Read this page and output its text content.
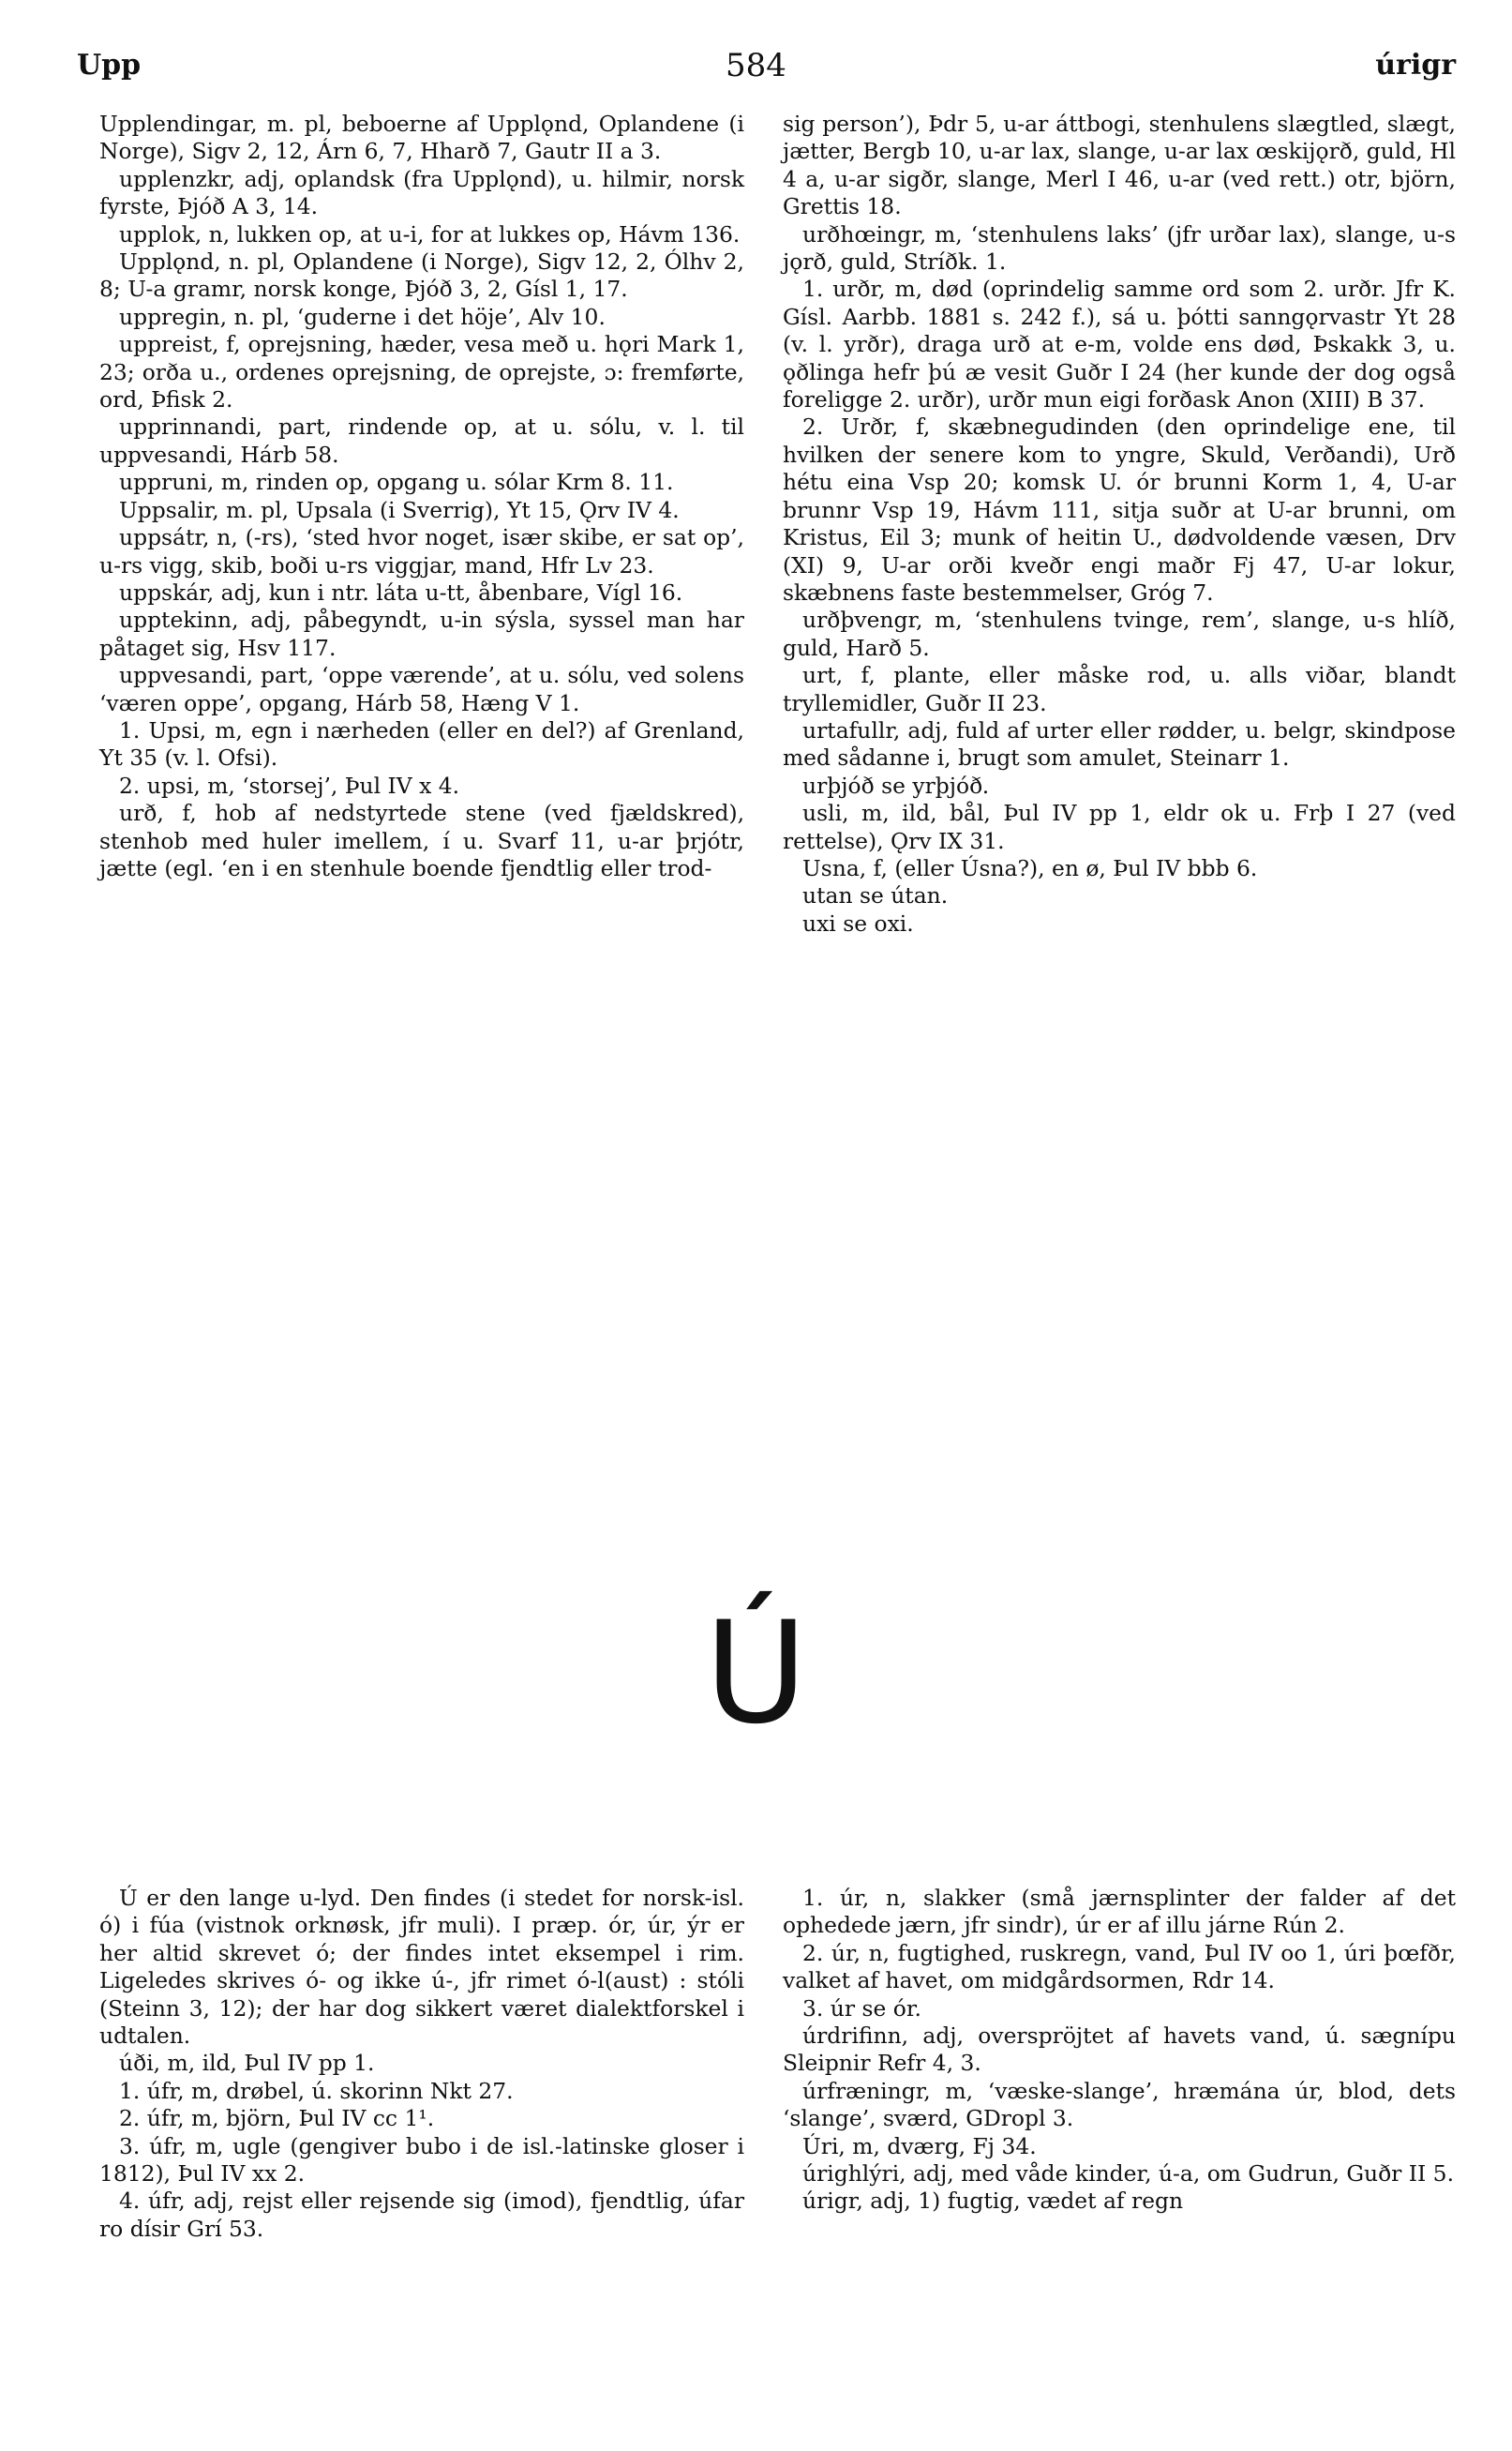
Upp	584	úrigr

Upplendingar, m. pl, beboerne af Upplǫnd, Oplandene (i Norge), Sigv 2, 12, Árn 6, 7, Hharð 7, Gautr II a 3.

upplenzkr, adj, oplandsk (fra Upplǫnd), u. hilmir, norsk fyrste, Þjóð A 3, 14.

upplok, n, lukken op, at u-i, for at lukkes op, Hávm 136.

Upplǫnd, n. pl, Oplandene (i Norge), Sigv 12, 2, Ólhv 2, 8; U-a gramr, norsk konge, Þjóð 3, 2, Gísl 1, 17.

uppregin, n. pl, ‘guderne i det höje’, Alv 10.

uppreist, f, oprejsning, hæder, vesa með u. hǫri Mark 1, 23; orða u., ordenes oprejsning, de oprejste, ɔ: fremførte, ord, Þfisk 2.

upprinnandi, part, rindende op, at u. sólu, v. l. til uppvesandi, Hárb 58.

uppruni, m, rinden op, opgang u. sólar Krm 8. 11.

Uppsalir, m. pl, Upsala (i Sverrig), Yt 15, Ǫrv IV 4.

uppsátr, n, (-rs), ‘sted hvor noget, især skibe, er sat op’, u-rs vigg, skib, boði u-rs viggjar, mand, Hfr Lv 23.

uppskár, adj, kun i ntr. láta u-tt, åbenbare, Vígl 16.

upptekinn, adj, påbegyndt, u-in sýsla, syssel man har påtaget sig, Hsv 117.

uppvesandi, part, ‘oppe værende’, at u. sólu, ved solens ‘væren oppe’, opgang, Hárb 58, Hæng V 1.

1. Upsi, m, egn i nærheden (eller en del?) af Grenland, Yt 35 (v. l. Ofsi).

2. upsi, m, ‘storsej’, Þul IV x 4.

urð, f, hob af nedstyrtede stene (ved fjældskred), stenhob med huler imellem, í u. Svarf 11, u-ar þrjótr, jætte (egl. ‘en i en stenhule boende fjendtlig eller trod-

sig person’), Þdr 5, u-ar áttbogi, stenhulens slægtled, slægt, jætter, Bergb 10, u-ar lax, slange, u-ar lax œskijǫrð, guld, Hl 4 a, u-ar sigðr, slange, Merl I 46, u-ar (ved rett.) otr, björn, Grettis 18.

urðhœingr, m, ‘stenhulens laks’ (jfr urðar lax), slange, u-s jǫrð, guld, Stríðk. 1.

1. urðr, m, død (oprindelig samme ord som 2. urðr. Jfr K. Gísl. Aarbb. 1881 s. 242 f.), sá u. þótti sanngǫrvastr Yt 28 (v. l. yrðr), draga urð at e-m, volde ens død, Þskakk 3, u. ǫðlinga hefr þú æ vesit Guðr I 24 (her kunde der dog også foreligge 2. urðr), urðr mun eigi forðask Anon (XIII) B 37.

2. Urðr, f, skæbnegudinden (den oprindelige ene, til hvilken der senere kom to yngre, Skuld, Verðandi), Urð hétu eina Vsp 20; komsk U. ór brunni Korm 1, 4, U-ar brunnr Vsp 19, Hávm 111, sitja suðr at U-ar brunni, om Kristus, Eil 3; munk of heitin U., dødvoldende væsen, Drv (XI) 9, U-ar orði kveðr engi maðr Fj 47, U-ar lokur, skæbnens faste bestemmelser, Gróg 7.

urðþvengr, m, ‘stenhulens tvinge, rem’, slange, u-s hlíð, guld, Harð 5.

urt, f, plante, eller måske rod, u. alls viðar, blandt tryllemidler, Guðr II 23.

urtafullr, adj, fuld af urter eller rødder, u. belgr, skindpose med sådanne i, brugt som amulet, Steinarr 1.

urþjóð se yrþjóð.

usli, m, ild, bål, Þul IV pp 1, eldr ok u. Frþ I 27 (ved rettelse), Ǫrv IX 31.

Usna, f, (eller Úsna?), en ø, Þul IV bbb 6.

utan se útan.

uxi se oxi.

Ú

Ú er den lange u-lyd. Den findes (i stedet for norsk-isl. ó) i fúa (vistnok orknøsk, jfr muli). I præp. ór, úr, ýr er her altid skrevet ó; der findes intet eksempel i rim. Ligeledes skrives ó- og ikke ú-, jfr rimet ó-l(aust) : stóli (Steinn 3, 12); der har dog sikkert været dialektforskel i udtalen.

úði, m, ild, Þul IV pp 1.

1. úfr, m, drøbel, ú. skorinn Nkt 27.

2. úfr, m, björn, Þul IV cc 1¹.

3. úfr, m, ugle (gengiver bubo i de isl.-latinske gloser i 1812), Þul IV xx 2.

4. úfr, adj, rejst eller rejsende sig (imod), fjendtlig, úfar ro dísir Grí 53.

1. úr, n, slakker (små jærnsplinter der falder af det ophedede jærn, jfr sindr), úr er af illu járne Rún 2.

2. úr, n, fugtighed, ruskregn, vand, Þul IV oo 1, úri þœfðr, valket af havet, om midgårdsormen, Rdr 14.

3. úr se ór.

úrdrifinn, adj, overspröjtet af havets vand, ú. sægnípu Sleipnir Refr 4, 3.

úrfræningr, m, ‘væske-slange’, hræmána úr, blod, dets ‘slange’, sværd, GDropl 3.

Úri, m, dværg, Fj 34.

úrighlýri, adj, med våde kinder, ú-a, om Gudrun, Guðr II 5.

úrigr, adj, 1) fugtig, vædet af regn
